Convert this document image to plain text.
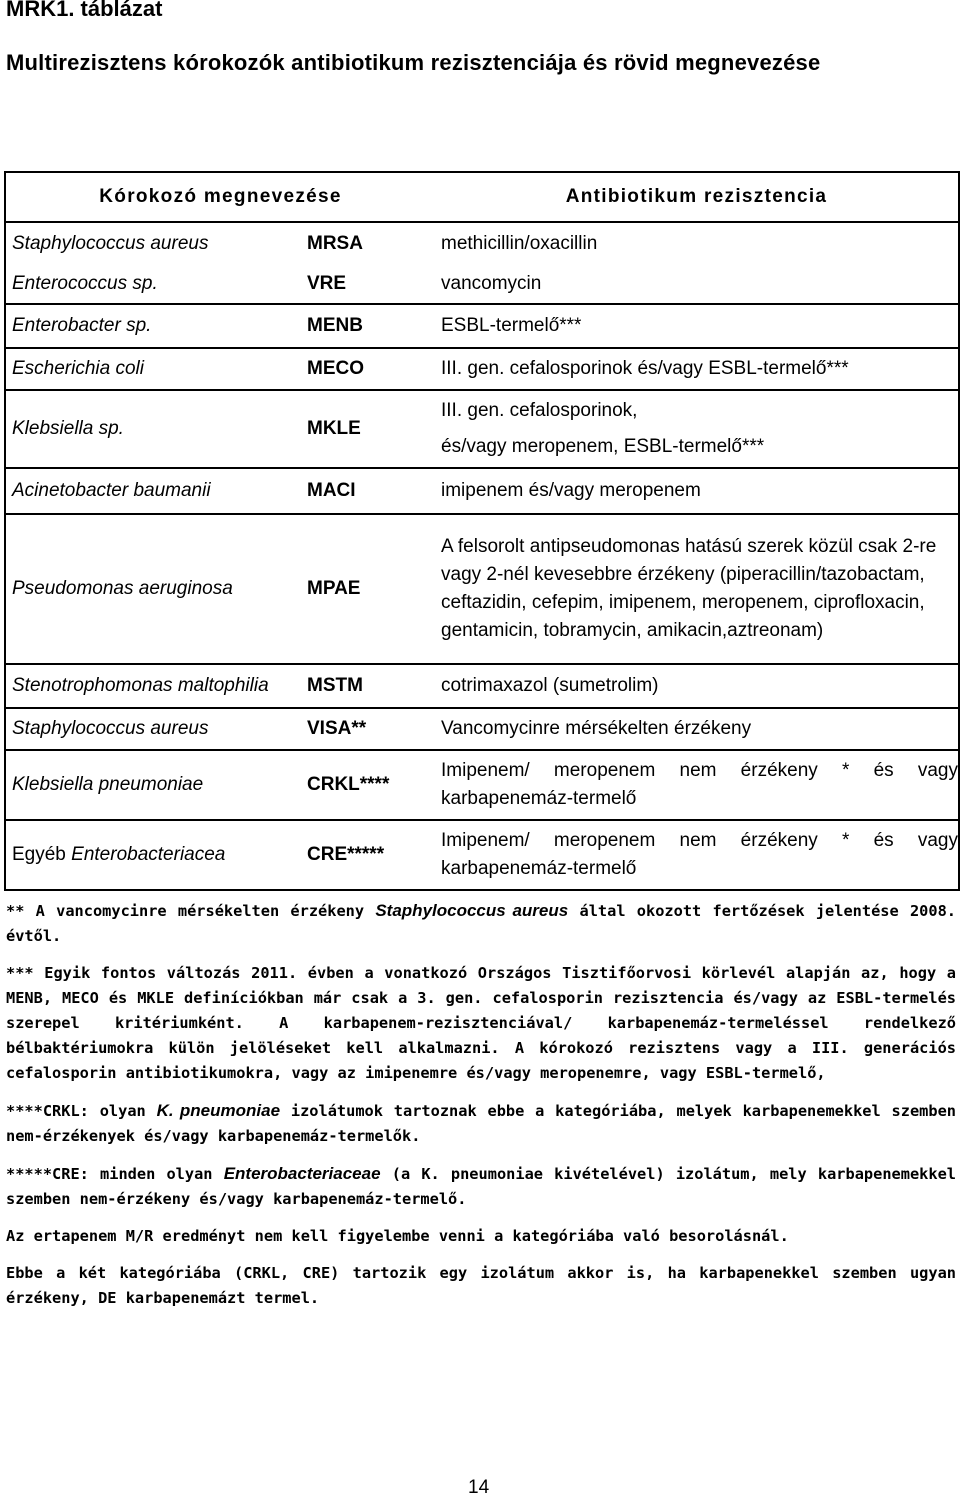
MRK1. táblázat
Multirezisztens kórokozók antibiotikum rezisztenciája és rövid megnevezése
Kórokozó megnevezése		Antibiotikum rezisztencia
Staphylococcus aureus	MRSA	methicillin/oxacillin
Enterococcus sp.	VRE	vancomycin
Enterobacter sp.	MENB	ESBL-termelő***
Escherichia coli	MECO	III. gen. cefalosporinok és/vagy ESBL-termelő***
Klebsiella sp.	MKLE	III. gen. cefalosporinok,
és/vagy meropenem, ESBL-termelő***

Acinetobacter baumanii	MACI	imipenem és/vagy meropenem
Pseudomonas aeruginosa	MPAE	A felsorolt antipseudomonas hatású szerek közül csak 2-re vagy 2-nél kevesebbre érzékeny (piperacillin/tazobactam, ceftazidin, cefepim, imipenem, meropenem, ciprofloxacin, gentamicin, tobramycin, amikacin,aztreonam)
Stenotrophomonas maltophilia	MSTM	cotrimaxazol (sumetrolim)
Staphylococcus aureus	VISA**	Vancomycinre mérsékelten érzékeny
Klebsiella pneumoniae	CRKL****	Imipenem/ meropenem nem érzékeny * és vagy karbapenemáz-termelő
Egyéb Enterobacteriacea	CRE*****	Imipenem/ meropenem nem érzékeny * és vagy karbapenemáz-termelő

** A vancomycinre mérsékelten érzékeny Staphylococcus aureus által okozott fertőzések jelentése 2008. évtől.

*** Egyik fontos változás 2011. évben a vonatkozó Országos Tisztifőorvosi körlevél alapján az, hogy a MENB, MECO és MKLE definíciókban már csak a 3. gen. cefalosporin rezisztencia és/vagy az ESBL-termelés szerepel kritériumként. A karbapenem-rezisztenciával/ karbapenemáz-termeléssel rendelkező bélbaktériumokra külön jelöléseket kell alkalmazni. A kórokozó rezisztens vagy a III. generációs cefalosporin antibiotikumokra, vagy az imipenemre és/vagy meropenemre, vagy ESBL-termelő,

****CRKL: olyan K. pneumoniae izolátumok tartoznak ebbe a kategóriába, melyek karbapenemekkel szemben nem-érzékenyek és/vagy karbapenemáz-termelők.

*****CRE: minden olyan Enterobacteriaceae (a K. pneumoniae kivételével) izolátum, mely karbapenemekkel szemben nem-érzékeny és/vagy karbapenemáz-termelő.

Az ertapenem M/R eredményt nem kell figyelembe venni a kategóriába való besorolásnál.

Ebbe a két kategóriába (CRKL, CRE) tartozik egy izolátum akkor is, ha karbapenekkel szemben ugyan érzékeny, DE karbapenemázt termel.

14
